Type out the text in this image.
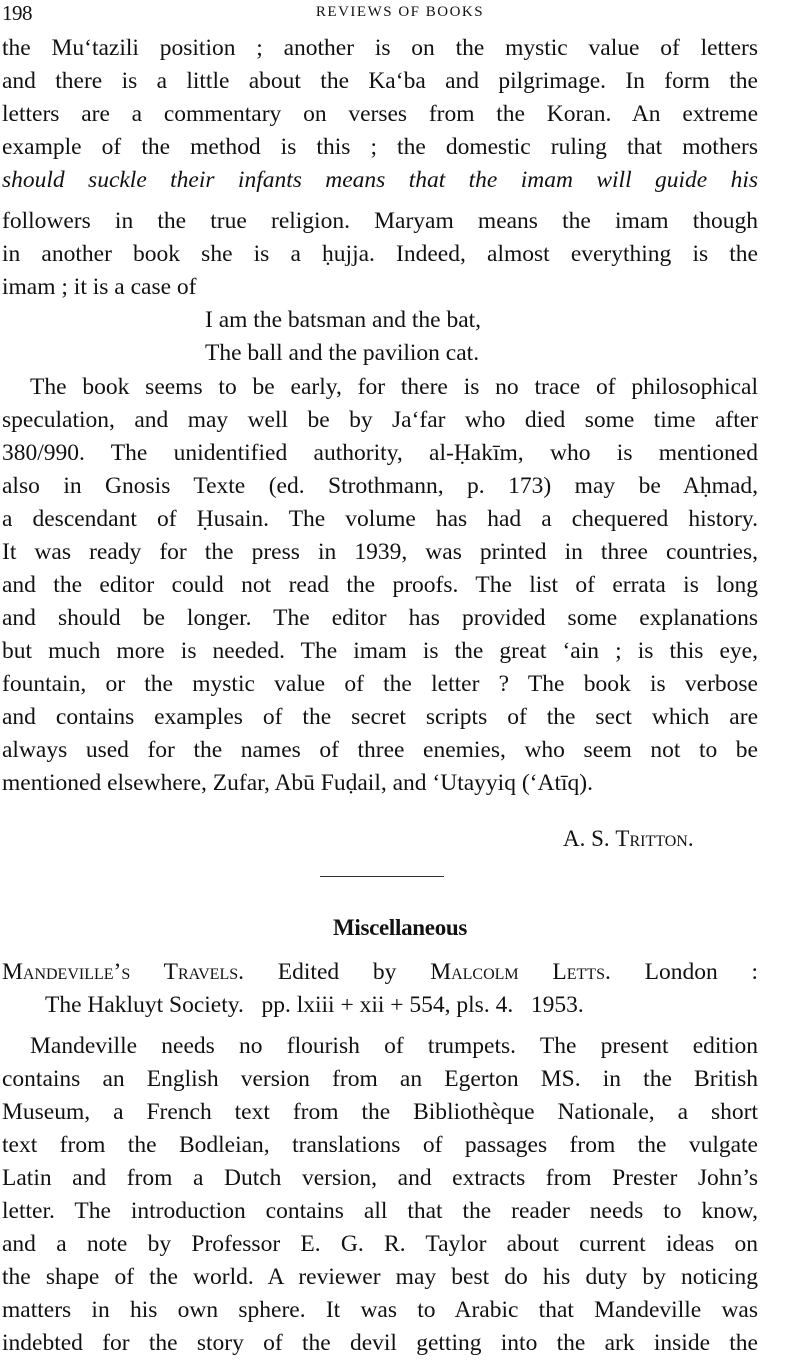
198	REVIEWS OF BOOKS
the Mu‘tazili position ; another is on the mystic value of letters
and there is a little about the Ka‘ba and pilgrimage. In form the
letters are a commentary on verses from the Koran. An extreme
example of the method is this ; the domestic ruling that mothers
should suckle their infants means that the imam will guide his
followers in the true religion. Maryam means the imam though
in another book she is a ḥujja. Indeed, almost everything is the
imam ; it is a case of
I am the batsman and the bat,
The ball and the pavilion cat.
The book seems to be early, for there is no trace of philosophical
speculation, and may well be by Ja‘far who died some time after
380/990. The unidentified authority, al-Ḥakīm, who is mentioned
also in Gnosis Texte (ed. Strothmann, p. 173) may be Aḥmad,
a descendant of Ḥusain. The volume has had a chequered history.
It was ready for the press in 1939, was printed in three countries,
and the editor could not read the proofs. The list of errata is long
and should be longer. The editor has provided some explanations
but much more is needed. The imam is the great ‘ain ; is this eye,
fountain, or the mystic value of the letter ? The book is verbose
and contains examples of the secret scripts of the sect which are
always used for the names of three enemies, who seem not to be
mentioned elsewhere, Zufar, Abū Fuḍail, and ‘Utayyiq (‘Atīq).
A. S. Tritton.
Miscellaneous
Mandeville’s Travels. Edited by Malcolm Letts. London :
The Hakluyt Society. pp. lxiii + xii + 554, pls. 4. 1953.
Mandeville needs no flourish of trumpets. The present edition
contains an English version from an Egerton MS. in the British
Museum, a French text from the Bibliothèque Nationale, a short
text from the Bodleian, translations of passages from the vulgate
Latin and from a Dutch version, and extracts from Prester John’s
letter. The introduction contains all that the reader needs to know,
and a note by Professor E. G. R. Taylor about current ideas on
the shape of the world. A reviewer may best do his duty by noticing
matters in his own sphere. It was to Arabic that Mandeville was
indebted for the story of the devil getting into the ark inside the
